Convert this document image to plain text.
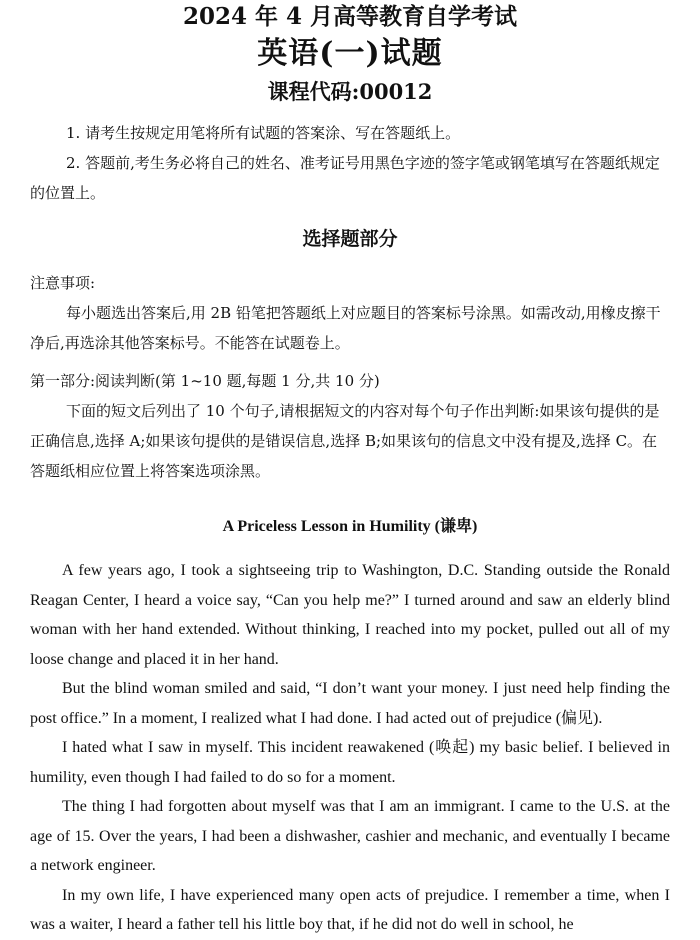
2024 年 4 月高等教育自学考试
英语(一)试题
课程代码:00012

1. 请考生按规定用笔将所有试题的答案涂、写在答题纸上。

2. 答题前,考生务必将自己的姓名、准考证号用黑色字迹的签字笔或钢笔填写在答题纸规定的位置上。

选择题部分

注意事项:

每小题选出答案后,用 2B 铅笔把答题纸上对应题目的答案标号涂黑。如需改动,用橡皮擦干净后,再选涂其他答案标号。不能答在试题卷上。

第一部分:阅读判断(第 1~10 题,每题 1 分,共 10 分)

下面的短文后列出了 10 个句子,请根据短文的内容对每个句子作出判断:如果该句提供的是正确信息,选择 A;如果该句提供的是错误信息,选择 B;如果该句的信息文中没有提及,选择 C。在答题纸相应位置上将答案选项涂黑。

A Priceless Lesson in Humility (谦卑)

A few years ago, I took a sightseeing trip to Washington, D.C. Standing outside the Ronald Reagan Center, I heard a voice say, “Can you help me?” I turned around and saw an elderly blind woman with her hand extended. Without thinking, I reached into my pocket, pulled out all of my loose change and placed it in her hand.

But the blind woman smiled and said, “I don’t want your money. I just need help finding the post office.” In a moment, I realized what I had done. I had acted out of prejudice (偏见).

I hated what I saw in myself. This incident reawakened (唤起) my basic belief. I believed in humility, even though I had failed to do so for a moment.

The thing I had forgotten about myself was that I am an immigrant. I came to the U.S. at the age of 15. Over the years, I had been a dishwasher, cashier and mechanic, and eventually I became a network engineer.

In my own life, I have experienced many open acts of prejudice. I remember a time, when I was a waiter, I heard a father tell his little boy that, if he did not do well in school, he
